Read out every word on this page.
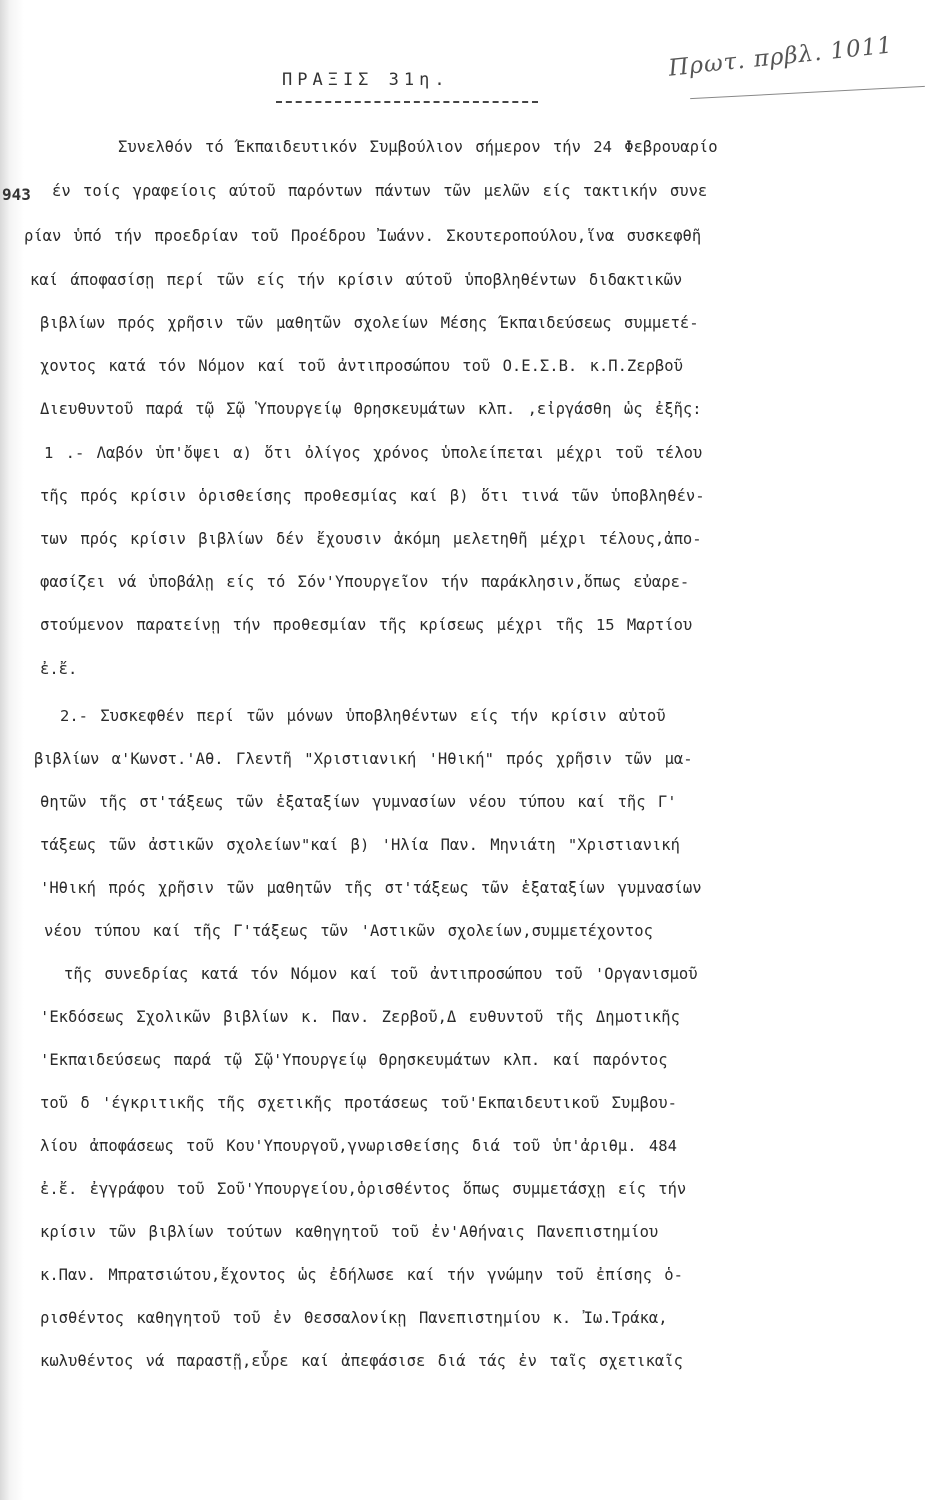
ΠΡΑΞΙΣ 31η.	Πρωτ. πρβλ. 1011
943
Συνελθόν τό Έκπαιδευτικόν Συμβούλιον σήμερον τήν 24 Φεβρουαρίο
έν τοίς γραφείοις αύτοῦ παρόντων πάντων τῶν μελῶν είς τακτικήν συνε
ρίαν ὑπό τήν προεδρίαν τοῦ Προέδρου Ἰωάνν. Σκουτεροπούλου,ἵνα συσκεφθῆ
καί άποφασίσῃ περί τῶν είς τήν κρίσιν αύτοῦ ὑποβληθέντων διδακτικῶν
βιβλίων πρός χρῆσιν τῶν μαθητῶν σχολείων Μέσης Έκπαιδεύσεως συμμετέ-
χοντος κατά τόν Νόμον καί τοῦ ἀντιπροσώπου τοῦ Ο.Ε.Σ.Β. κ.Π.Ζερβοῦ
Διευθυντοῦ παρά τῷ Σῷ Ὑπουργείῳ Θρησκευμάτων κλπ. ,εἰργάσθη ὡς ἐξῆς:
1 .- Λαβόν ὑπ'ὄψει α) ὅτι ὀλίγος χρόνος ὑπολείπεται μέχρι τοῦ τέλου
τῆς πρός κρίσιν ὁρισθείσης προθεσμίας καί β) ὅτι τινά τῶν ὑποβληθέν-
των πρός κρίσιν βιβλίων δέν ἔχουσιν ἀκόμη μελετηθῆ μέχρι τέλους,ἀπο-
φασίζει νά ὑποβάλῃ είς τό Σόν'Υπουργεῖον τήν παράκλησιν,ὅπως εὐαρε-
στούμενον παρατείνῃ τήν προθεσμίαν τῆς κρίσεως μέχρι τῆς 15 Μαρτίου
ἐ.ἔ.
2.- Συσκεφθέν περί τῶν μόνων ὑποβληθέντων είς τήν κρίσιν αὐτοῦ
βιβλίων α'Κωνστ.'Αθ. Γλεντῆ "Χριστιανική 'Ηθική" πρός χρῆσιν τῶν μα-
θητῶν τῆς στ'τάξεως τῶν ἑξαταξίων γυμνασίων νέου τύπου καί τῆς Γ'
τάξεως τῶν ἀστικῶν σχολείων"καί β) 'Ηλία Παν. Μηνιάτη "Χριστιανική
'Ηθική πρός χρῆσιν τῶν μαθητῶν τῆς στ'τάξεως τῶν ἑξαταξίων γυμνασίων
νέου τύπου καί τῆς Γ'τάξεως τῶν 'Αστικῶν σχολείων,συμμετέχοντος
τῆς συνεδρίας κατά τόν Νόμον καί τοῦ ἀντιπροσώπου τοῦ 'Οργανισμοῦ
'Εκδόσεως Σχολικῶν βιβλίων κ. Παν. Ζερβοῦ,Δ ευθυντοῦ τῆς Δημοτικῆς
'Εκπαιδεύσεως παρά τῷ Σῷ'Υπουργείῳ Θρησκευμάτων κλπ. καί παρόντος
τοῦ δ 'έγκριτικῆς τῆς σχετικῆς προτάσεως τοῦ'Εκπαιδευτικοῦ Συμβου-
λίου ἀποφάσεως τοῦ Κου'Υπουργοῦ,γνωρισθείσης διά τοῦ ὑπ'ἀριθμ. 484
ἐ.ἔ. ἐγγράφου τοῦ Σοῦ'Υπουργείου,ὁρισθέντος ὅπως συμμετάσχῃ είς τήν
κρίσιν τῶν βιβλίων τούτων καθηγητοῦ τοῦ ἐν'Αθήναις Πανεπιστημίου
κ.Παν. Μπρατσιώτου,ἔχοντος ὡς ἐδήλωσε καί τήν γνώμην τοῦ ἐπίσης ὁ-
ρισθέντος καθηγητοῦ τοῦ ἐν Θεσσαλονίκῃ Πανεπιστημίου κ. Ἰω.Τράκα,
κωλυθέντος νά παραστῇ,εὗρε καί ἀπεφάσισε διά τάς ἐν ταῖς σχετικαῖς
